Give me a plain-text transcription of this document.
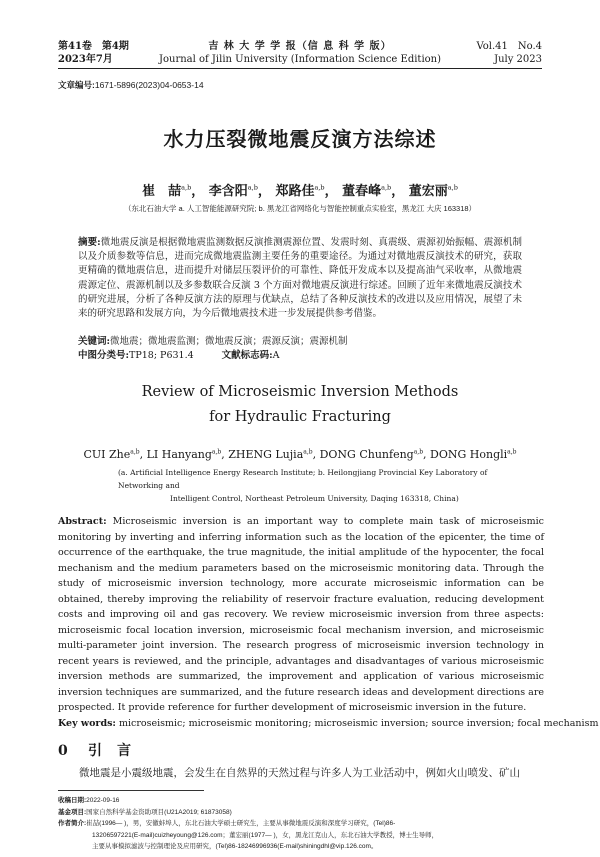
第41卷　第4期
2023年7月
吉 林 大 学 学 报（信 息 科 学 版）
Journal of Jilin University (Information Science Edition)
Vol.41　No.4
July 2023
文章编号:1671-5896(2023)04-0653-14
水力压裂微地震反演方法综述
崔　喆$^{a,b}$， 李含阳$^{a,b}$， 郑路佳$^{a,b}$， 董春峰$^{a,b}$， 董宏丽$^{a,b}$
（东北石油大学 a. 人工智能能源研究院; b. 黑龙江省网络化与智能控制重点实验室，黑龙江 大庆 163318）
摘要:微地震反演是根据微地震监测数据反演推测震源位置、发震时刻、真震级、震源初始振幅、震源机制以及介质参数等信息，进而完成微地震监测主要任务的重要途径。为通过对微地震反演技术的研究，获取更精确的微地震信息，进而提升对储层压裂评价的可靠性、降低开发成本以及提高油气采收率，从微地震震源定位、震源机制以及多参数联合反演 3 个方面对微地震反演进行综述。回顾了近年来微地震反演技术的研究进展，分析了各种反演方法的原理与优缺点，总结了各种反演技术的改进以及应用情况，展望了未来的研究思路和发展方向，为今后微地震技术进一步发展提供参考借鉴。
关键词:微地震；微地震监测；微地震反演；震源反演；震源机制
中图分类号:TP18; P631.4	文献标志码:A
Review of Microseismic Inversion Methods
for Hydraulic Fracturing
CUI Zhe$^{a,b}$, LI Hanyang$^{a,b}$, ZHENG Lujia$^{a,b}$, DONG Chunfeng$^{a,b}$, DONG Hongli$^{a,b}$
(a. Artificial Intelligence Energy Research Institute; b. Heilongjiang Provincial Key Laboratory of Networking and
Intelligent Control, Northeast Petroleum University, Daqing 163318, China)
Abstract: Microseismic inversion is an important way to complete main task of microseismic monitoring by inverting and inferring information such as the location of the epicenter, the time of occurrence of the earthquake, the true magnitude, the initial amplitude of the hypocenter, the focal mechanism and the medium parameters based on the microseismic monitoring data. Through the study of microseismic inversion technology, more accurate microseismic information can be obtained, thereby improving the reliability of reservoir fracture evaluation, reducing development costs and improving oil and gas recovery. We review microseismic inversion from three aspects: microseismic focal location inversion, microseismic focal mechanism inversion, and microseismic multi-parameter joint inversion. The research progress of microseismic inversion technology in recent years is reviewed, and the principle, advantages and disadvantages of various microseismic inversion methods are summarized, the improvement and application of various microseismic inversion techniques are summarized, and the future research ideas and development directions are prospected. It provide reference for further development of microseismic inversion in the future.
Key words: microseismic; microseismic monitoring; microseismic inversion; source inversion; focal mechanism
0 引 言
微地震是小震级地震，会发生在自然界的天然过程与许多人为工业活动中，例如火山喷发、矿山
收稿日期:2022-09-16
基金项目:国家自然科学基金资助项目(U21A2019; 61873058)
作者简介:崔喆(1996— )，男，安徽蚌埠人，东北石油大学硕士研究生，主要从事微地震反演和深度学习研究，(Tel)86-
13206597221(E-mail)cuizheyoung@126.com；董宏丽(1977— )，女，黑龙江克山人，东北石油大学教授，博士生导师，
主要从事模拟滤波与控制理论及应用研究，(Tel)86-18246996936(E-mail)shiningdhl@vip.126.com。
